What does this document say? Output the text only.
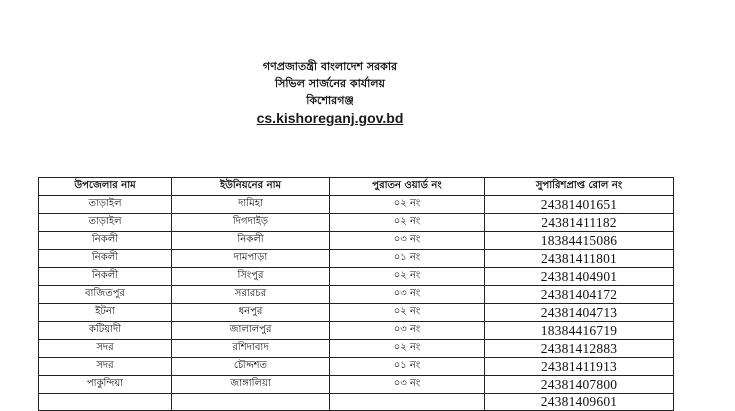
গণপ্রজাতন্ত্রী বাংলাদেশ সরকার
সিভিল সার্জনের কার্যালয়
কিশোরগঞ্জ
cs.kishoreganj.gov.bd
উপজেলার নাম	ইউনিয়নের নাম	পুরাতন ওয়ার্ড নং	সুপারিশপ্রাপ্ত রোল নং
তাড়াইল	দামিহা	০২ নং	24381401651
তাড়াইল	দিগদাইড়	০২ নং	24381411182
নিকলী	নিকলী	০৩ নং	18384415086
নিকলী	দামপাড়া	০১ নং	24381411801
নিকলী	সিংপুর	০২ নং	24381404901
বাজিতপুর	সরারচর	০৩ নং	24381404172
ইটনা	ধনপুর	০২ নং	24381404713
কটিয়াদী	জালালপুর	০৩ নং	18384416719
সদর	রশিদাবাদ	০২ নং	24381412883
সদর	চৌদ্দশত	০১ নং	24381411913
পাকুন্দিয়া	জাঙ্গালিয়া	০৩ নং	24381407800
			24381409601
